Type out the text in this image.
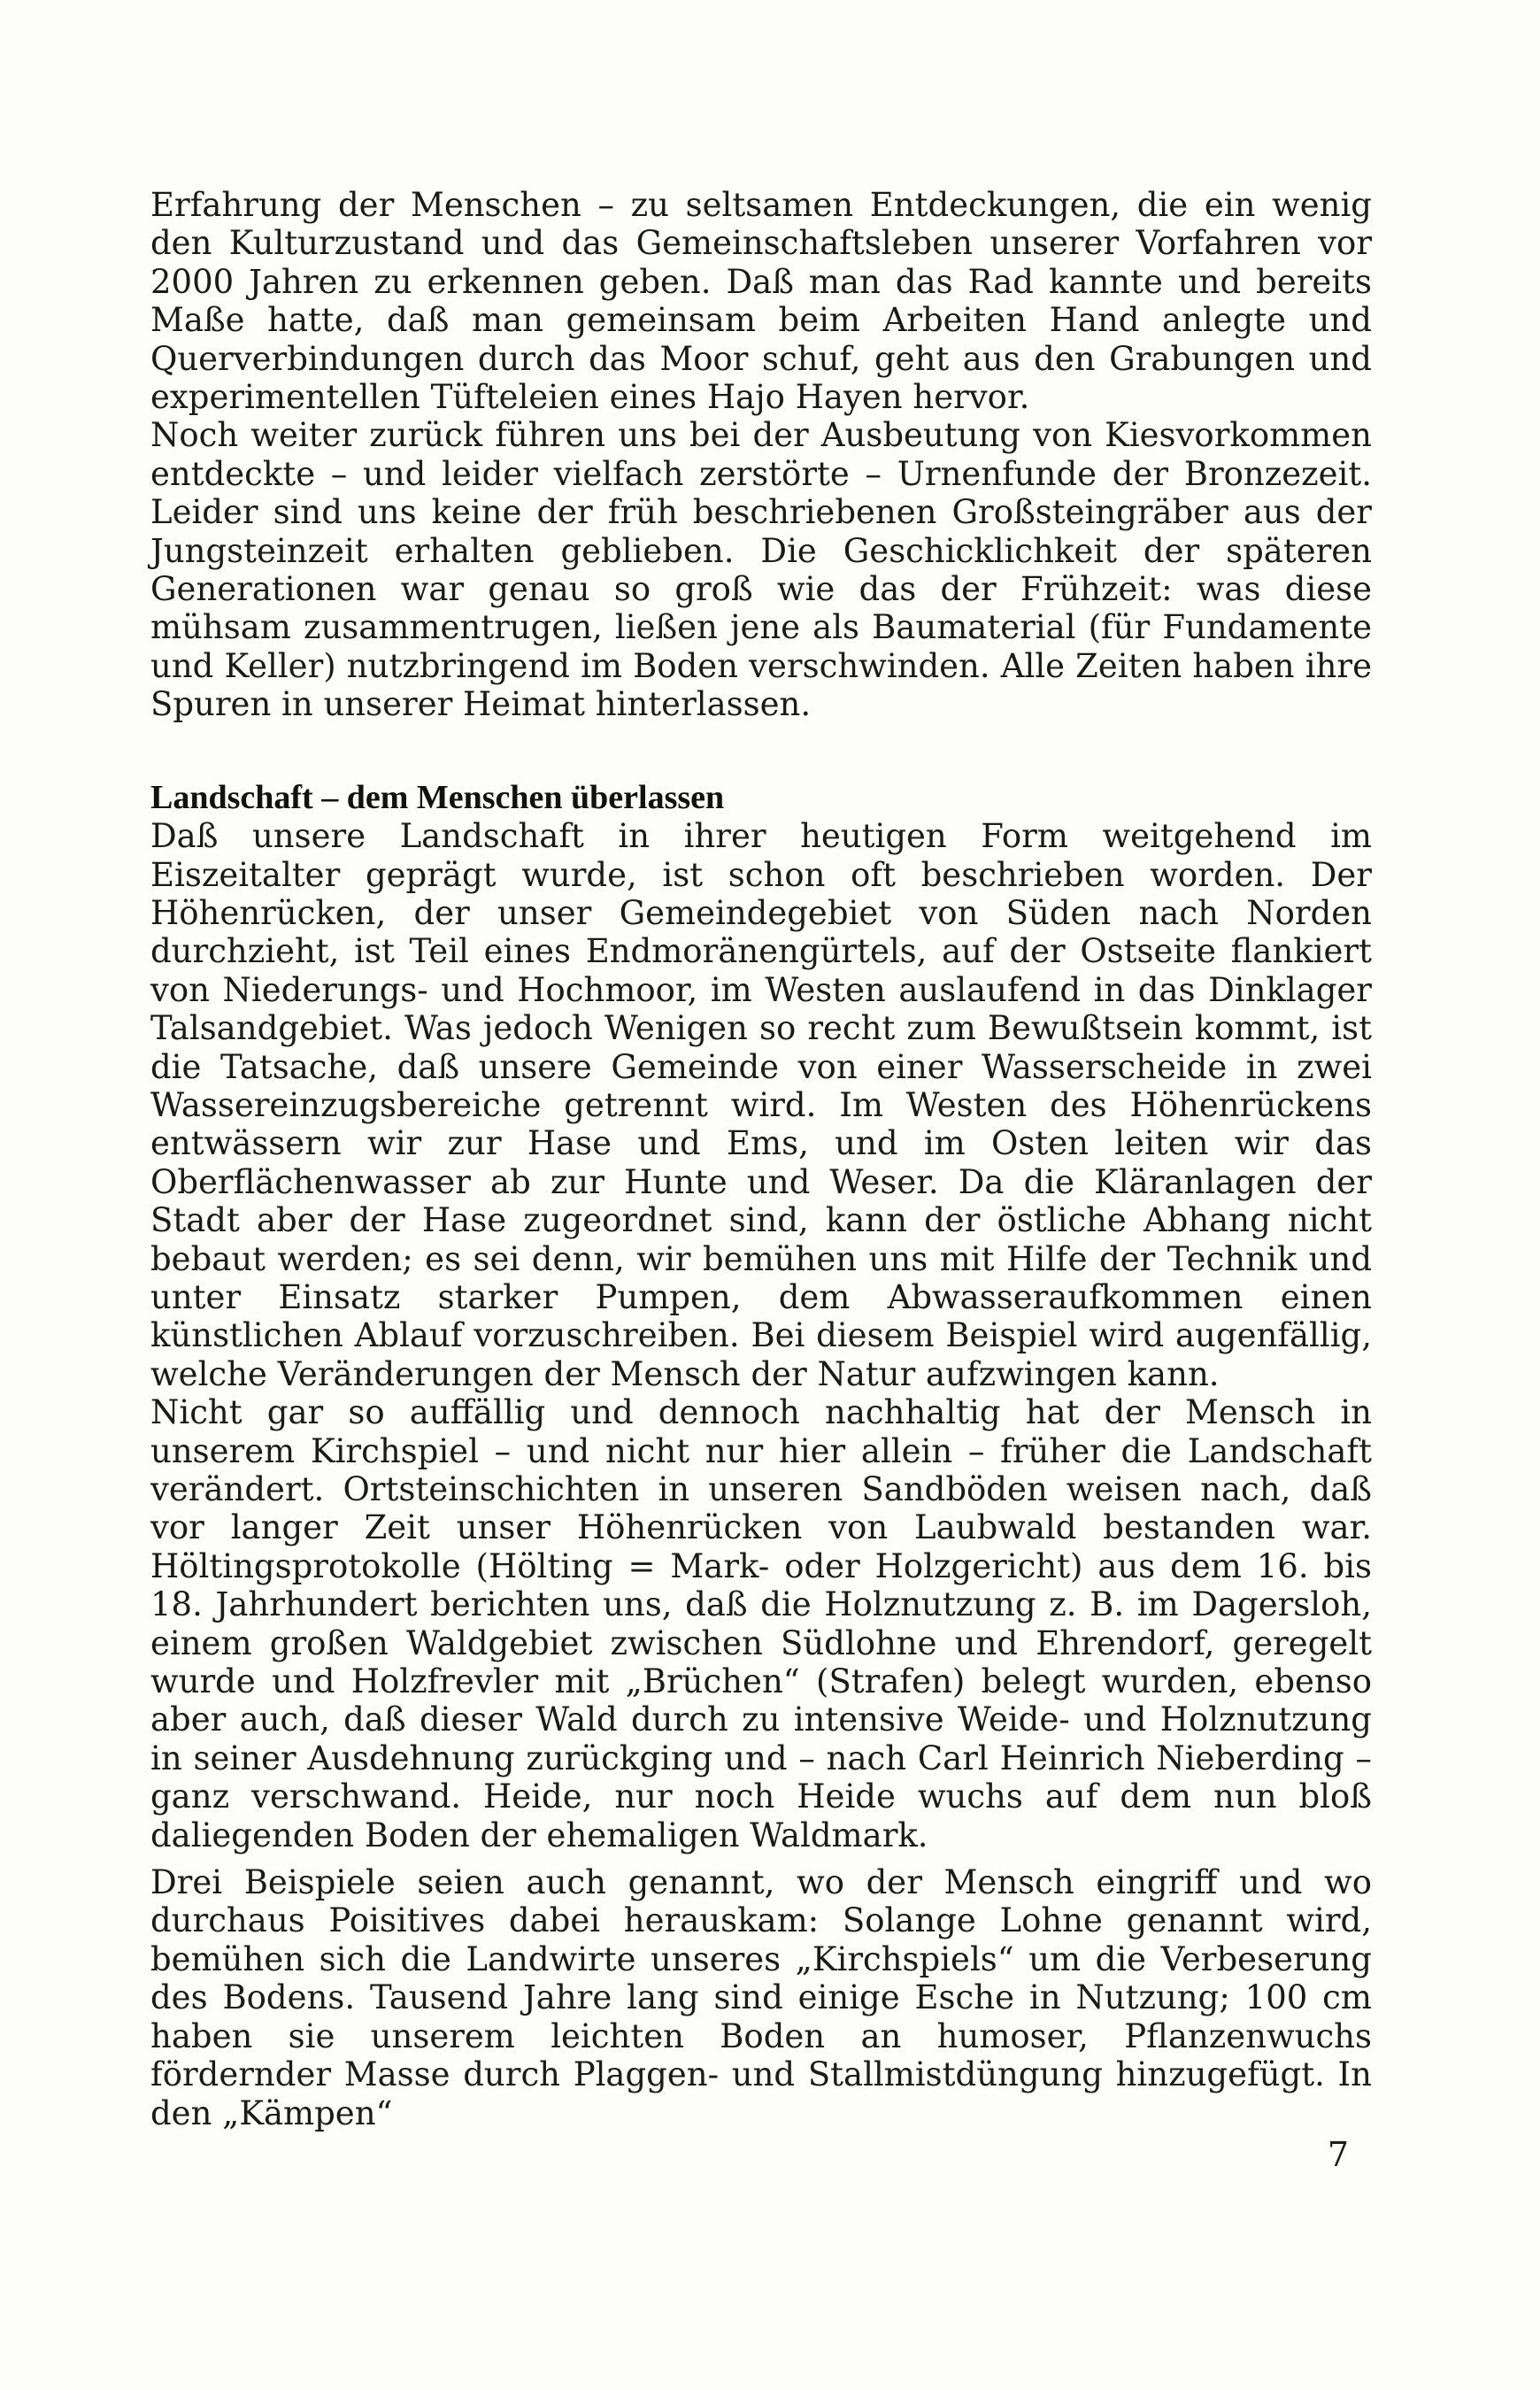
Erfahrung der Menschen – zu seltsamen Entdeckungen, die ein wenig den Kulturzustand und das Gemeinschaftsleben unserer Vorfahren vor 2000 Jahren zu erkennen geben. Daß man das Rad kannte und bereits Maße hatte, daß man gemeinsam beim Arbeiten Hand anlegte und Querverbindungen durch das Moor schuf, geht aus den Grabungen und experimentellen Tüfteleien eines Hajo Hayen hervor.

Noch weiter zurück führen uns bei der Ausbeutung von Kiesvorkommen entdeckte – und leider vielfach zerstörte – Urnenfunde der Bronzezeit. Leider sind uns keine der früh beschriebenen Großsteingräber aus der Jungsteinzeit erhalten geblieben. Die Geschicklichkeit der späteren Generationen war genau so groß wie das der Frühzeit: was diese mühsam zusammentrugen, ließen jene als Baumaterial (für Fundamente und Keller) nutzbringend im Boden verschwinden. Alle Zeiten haben ihre Spuren in unserer Heimat hinterlassen.

Landschaft – dem Menschen überlassen

Daß unsere Landschaft in ihrer heutigen Form weitgehend im Eiszeitalter geprägt wurde, ist schon oft beschrieben worden. Der Höhenrücken, der unser Gemeindegebiet von Süden nach Norden durchzieht, ist Teil eines Endmoränengürtels, auf der Ostseite flankiert von Niederungs- und Hochmoor, im Westen auslaufend in das Dinklager Talsandgebiet. Was jedoch Wenigen so recht zum Bewußtsein kommt, ist die Tatsache, daß unsere Gemeinde von einer Wasserscheide in zwei Wassereinzugsbereiche getrennt wird. Im Westen des Höhenrückens entwässern wir zur Hase und Ems, und im Osten leiten wir das Oberflächenwasser ab zur Hunte und Weser. Da die Kläranlagen der Stadt aber der Hase zugeordnet sind, kann der östliche Abhang nicht bebaut werden; es sei denn, wir bemühen uns mit Hilfe der Technik und unter Einsatz starker Pumpen, dem Abwasseraufkommen einen künstlichen Ablauf vorzuschreiben. Bei diesem Beispiel wird augenfällig, welche Veränderungen der Mensch der Natur aufzwingen kann.

Nicht gar so auffällig und dennoch nachhaltig hat der Mensch in unserem Kirchspiel – und nicht nur hier allein – früher die Landschaft verändert. Ortsteinschichten in unseren Sandböden weisen nach, daß vor langer Zeit unser Höhenrücken von Laubwald bestanden war. Höltingsprotokolle (Hölting = Mark- oder Holzgericht) aus dem 16. bis 18. Jahrhundert berichten uns, daß die Holznutzung z. B. im Dagersloh, einem großen Waldgebiet zwischen Südlohne und Ehrendorf, geregelt wurde und Holzfrevler mit „Brüchen“ (Strafen) belegt wurden, ebenso aber auch, daß dieser Wald durch zu intensive Weide- und Holznutzung in seiner Ausdehnung zurückging und – nach Carl Heinrich Nieberding – ganz verschwand. Heide, nur noch Heide wuchs auf dem nun bloß daliegenden Boden der ehemaligen Waldmark.

Drei Beispiele seien auch genannt, wo der Mensch eingriff und wo durchaus Poisitives dabei herauskam: Solange Lohne genannt wird, bemühen sich die Landwirte unseres „Kirchspiels“ um die Verbeserung des Bodens. Tausend Jahre lang sind einige Esche in Nutzung; 100 cm haben sie unserem leichten Boden an humoser, Pflanzenwuchs fördernder Masse durch Plaggen- und Stallmistdüngung hinzugefügt. In den „Kämpen“

7
